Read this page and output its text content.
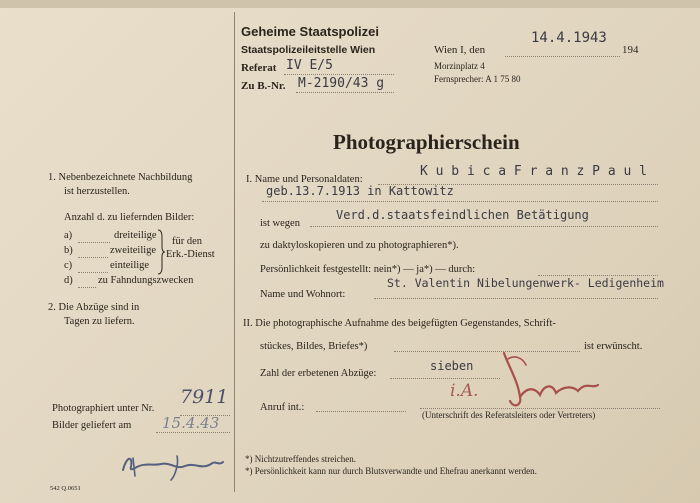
Geheime Staatspolizei
Staatspolizeileitstelle Wien
Referat IV E/5
Zu B.-Nr. M-2190/43 g
Wien I, den
14.4.1943
194
Morzinplatz 4
Fernsprecher: A 1 75 80
Photographierschein
1. Nebenbezeichnete Nachbildung
ist herzustellen.
Anzahl d. zu liefernden Bilder:
a)	dreiteilige
b)	zweiteilige
c)	einteilige
d) zu Fahndungszwecken
für den
Erk.-Dienst
2. Die Abzüge sind in
Tagen zu liefern.
Photographiert unter Nr.
7911
Bilder geliefert am 15.4.43
542 Q.0651
I. Name und Personaldaten:
K u b i c a F r a n z P a u l
geb.13.7.1913 in Kattowitz
ist wegen
Verd.d.staatsfeindlichen Betätigung
zu daktyloskopieren und zu photographieren*).
Persönlichkeit festgestellt: nein*) — ja*) — durch:
Name und Wohnort:
St. Valentin Nibelungenwerk- Ledigenheim
II. Die photographische Aufnahme des beigefügten Gegenstandes, Schrift-
stückes, Bildes, Briefes*)	ist erwünscht.
Zahl der erbetenen Abzüge:
sieben
Anruf int.:
i.A.
(Unterschrift des Referatsleiters oder Vertreters)
*) Nichtzutreffendes streichen.
*) Persönlichkeit kann nur durch Blutsverwandte und Ehefrau anerkannt werden.
